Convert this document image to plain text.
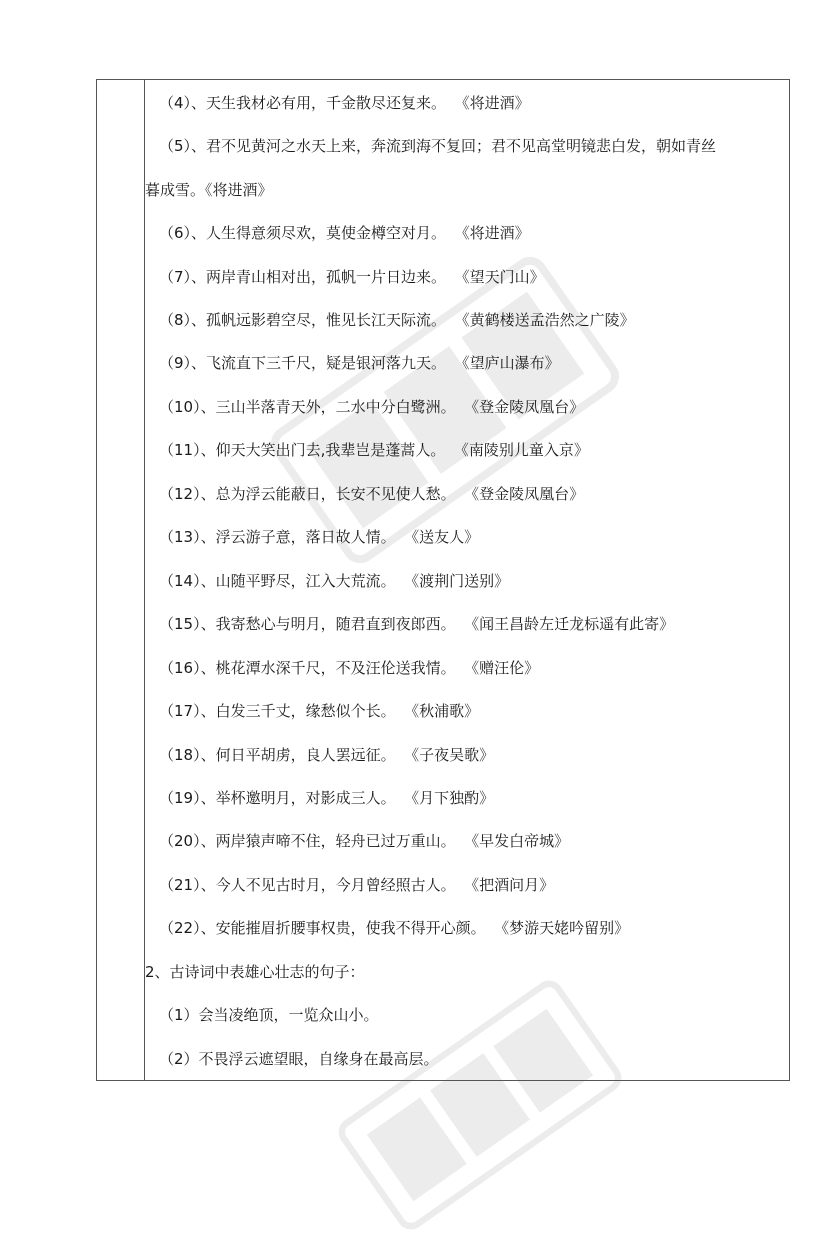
（4）、天生我材必有用，千金散尽还复来。 《将进酒》
（5）、君不见黄河之水天上来，奔流到海不复回；君不见高堂明镜悲白发，朝如青丝
暮成雪。《将进酒》
（6）、人生得意须尽欢，莫使金樽空对月。 《将进酒》
（7）、两岸青山相对出，孤帆一片日边来。 《望天门山》
（8）、孤帆远影碧空尽，惟见长江天际流。 《黄鹤楼送孟浩然之广陵》
（9）、飞流直下三千尺，疑是银河落九天。 《望庐山瀑布》
（10）、三山半落青天外，二水中分白鹭洲。 《登金陵凤凰台》
（11）、仰天大笑出门去,我辈岂是蓬蒿人。 《南陵别儿童入京》
（12）、总为浮云能蔽日，长安不见使人愁。 《登金陵凤凰台》
（13）、浮云游子意，落日故人情。 《送友人》
（14）、山随平野尽，江入大荒流。 《渡荆门送别》
（15）、我寄愁心与明月，随君直到夜郎西。 《闻王昌龄左迁龙标遥有此寄》
（16）、桃花潭水深千尺，不及汪伦送我情。 《赠汪伦》
（17）、白发三千丈，缘愁似个长。 《秋浦歌》
（18）、何日平胡虏，良人罢远征。 《子夜吴歌》
（19）、举杯邀明月，对影成三人。 《月下独酌》
（20）、两岸猿声啼不住，轻舟已过万重山。 《早发白帝城》
（21）、今人不见古时月，今月曾经照古人。 《把酒问月》
（22）、安能摧眉折腰事权贵，使我不得开心颜。 《梦游天姥吟留别》
2、古诗词中表雄心壮志的句子：
（1）会当凌绝顶，一览众山小。
（2）不畏浮云遮望眼，自缘身在最高层。
